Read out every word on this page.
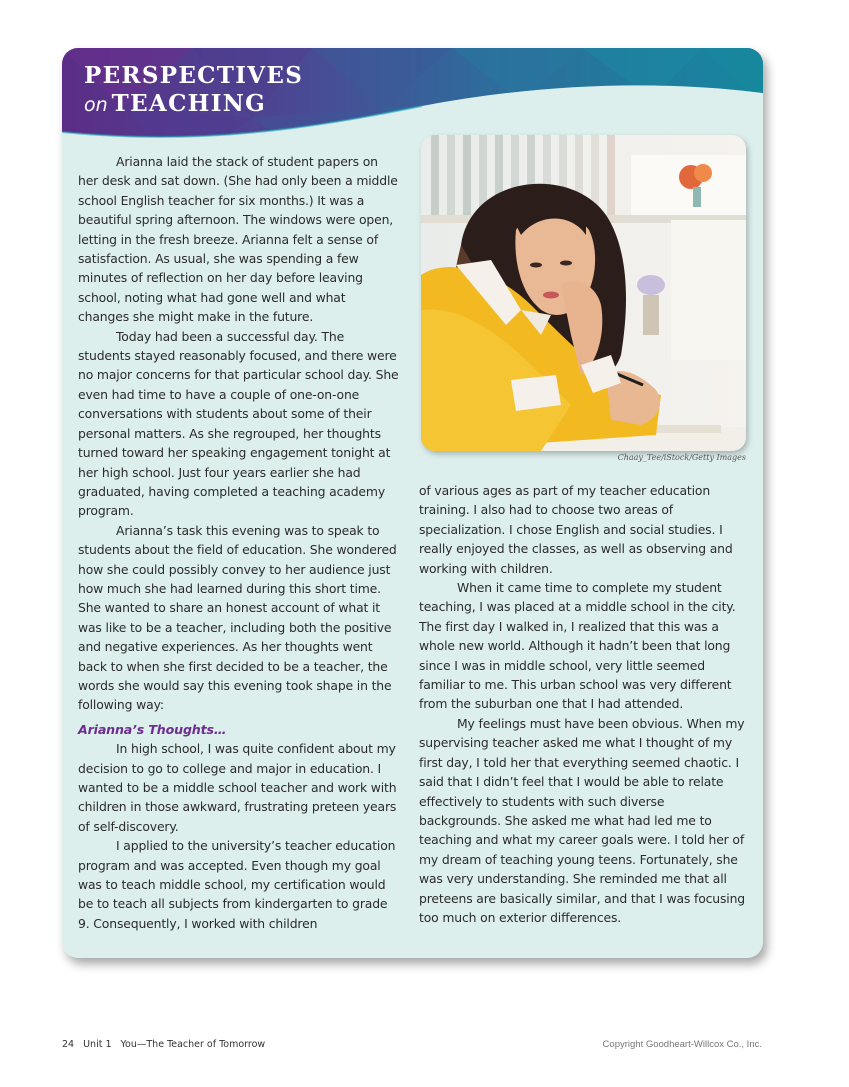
PERSPECTIVES
on TEACHING

Arianna laid the stack of student papers on her desk and sat down. (She had only been a middle school English teacher for six months.) It was a beautiful spring afternoon. The windows were open, letting in the fresh breeze. Arianna felt a sense of satisfaction. As usual, she was spending a few minutes of reflection on her day before leaving school, noting what had gone well and what changes she might make in the future.

Today had been a successful day. The students stayed reasonably focused, and there were no major concerns for that particular school day. She even had time to have a couple of one-on-one conversations with students about some of their personal matters. As she regrouped, her thoughts turned toward her speaking engagement tonight at her high school. Just four years earlier she had graduated, having completed a teaching academy program.

Arianna’s task this evening was to speak to students about the field of education. She wondered how she could possibly convey to her audience just how much she had learned during this short time. She wanted to share an honest account of what it was like to be a teacher, including both the positive and negative experiences. As her thoughts went back to when she first decided to be a teacher, the words she would say this evening took shape in the following way:

Arianna’s Thoughts…

In high school, I was quite confident about my decision to go to college and major in education. I wanted to be a middle school teacher and work with children in those awkward, frustrating preteen years of self-discovery.

I applied to the university’s teacher education program and was accepted. Even though my goal was to teach middle school, my certification would be to teach all subjects from kindergarten to grade 9. Consequently, I worked with children

Chaay_Tee/iStock/Getty Images

of various ages as part of my teacher education training. I also had to choose two areas of specialization. I chose English and social studies. I really enjoyed the classes, as well as observing and working with children.

When it came time to complete my student teaching, I was placed at a middle school in the city. The first day I walked in, I realized that this was a whole new world. Although it hadn’t been that long since I was in middle school, very little seemed familiar to me. This urban school was very different from the suburban one that I had attended.

My feelings must have been obvious. When my supervising teacher asked me what I thought of my first day, I told her that everything seemed chaotic. I said that I didn’t feel that I would be able to relate effectively to students with such diverse backgrounds. She asked me what had led me to teaching and what my career goals were. I told her of my dream of teaching young teens. Fortunately, she was very understanding. She reminded me that all preteens are basically similar, and that I was focusing too much on exterior differences.

24 Unit 1 You—The Teacher of Tomorrow	Copyright Goodheart-Willcox Co., Inc.
